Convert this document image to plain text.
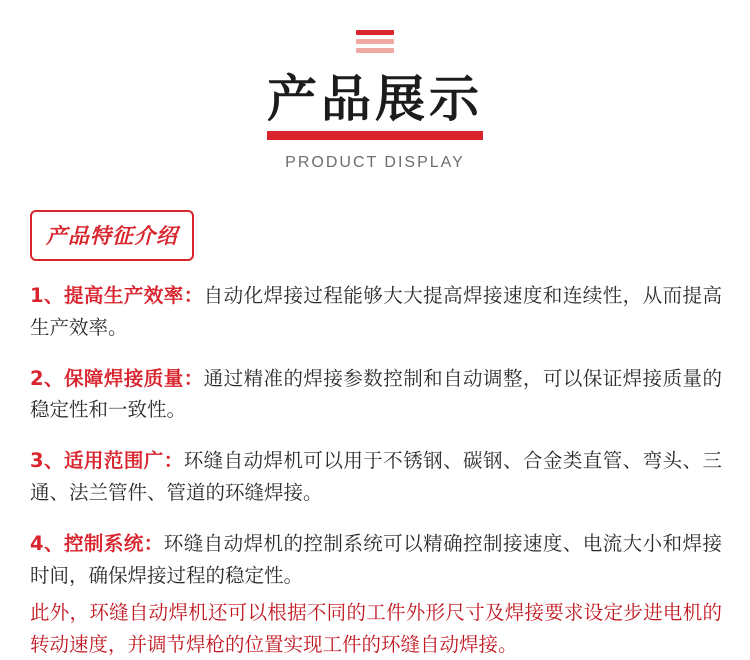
产品展示
PRODUCT DISPLAY
产品特征介绍

1、提高生产效率：自动化焊接过程能够大大提高焊接速度和连续性，从而提高生产效率。

2、保障焊接质量：通过精准的焊接参数控制和自动调整，可以保证焊接质量的稳定性和一致性。

3、适用范围广：环缝自动焊机可以用于不锈钢、碳钢、合金类直管、弯头、三通、法兰管件、管道的环缝焊接。

4、控制系统：环缝自动焊机的控制系统可以精确控制接速度、电流大小和焊接时间，确保焊接过程的稳定性。

此外，环缝自动焊机还可以根据不同的工件外形尺寸及焊接要求设定步进电机的转动速度，并调节焊枪的位置实现工件的环缝自动焊接。
